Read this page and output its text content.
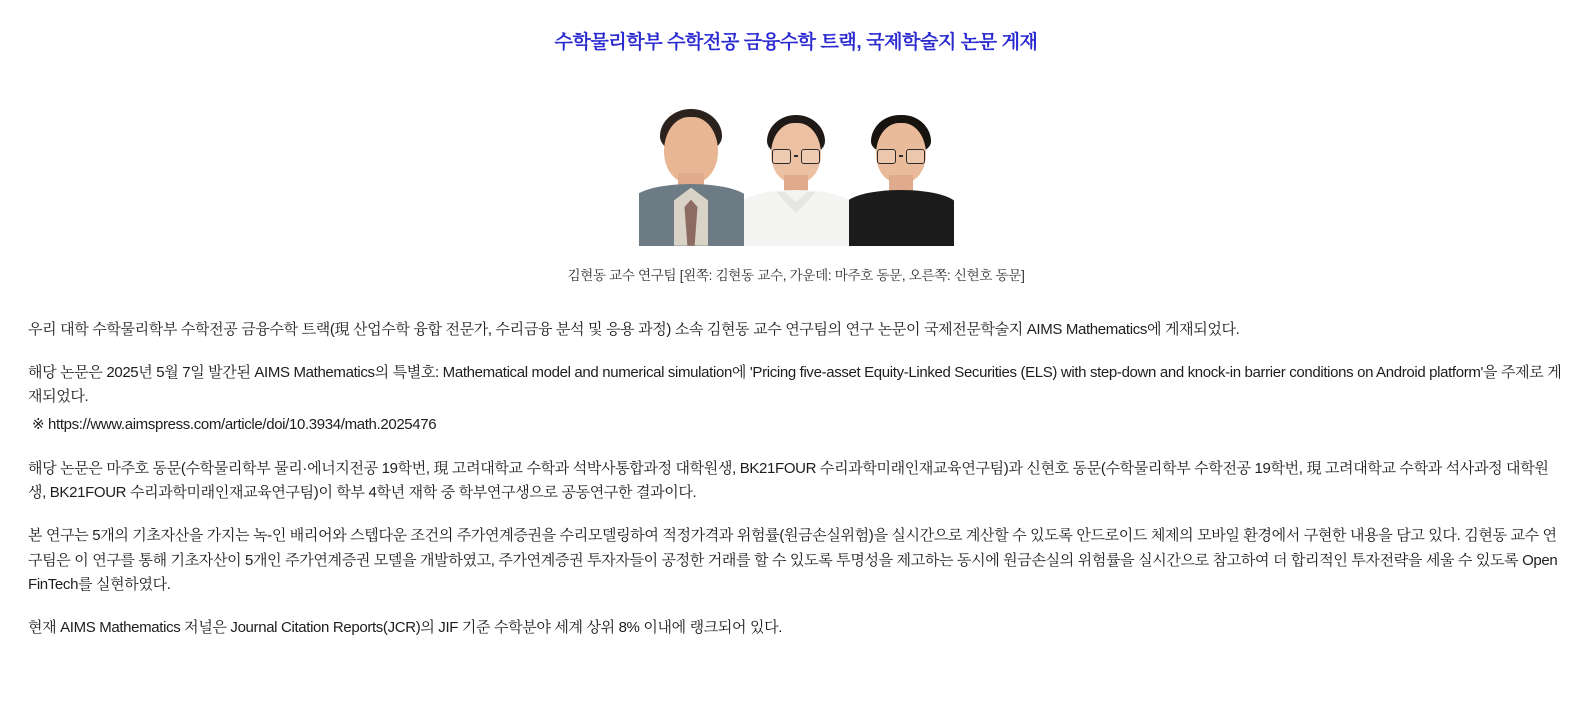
수학물리학부 수학전공 금융수학 트랙, 국제학술지 논문 게재
김현동 교수 연구팀 [왼쪽: 김현동 교수, 가운데: 마주호 동문, 오른쪽: 신현호 동문]

우리 대학 수학물리학부 수학전공 금융수학 트랙(現 산업수학 융합 전문가, 수리금융 분석 및 응용 과정) 소속 김현동 교수 연구팀의 연구 논문이 국제전문학술지 AIMS Mathematics에 게재되었다.

해당 논문은 2025년 5월 7일 발간된 AIMS Mathematics의 특별호: Mathematical model and numerical simulation에 'Pricing five-asset Equity-Linked Securities (ELS) with step-down and knock-in barrier conditions on Android platform'을 주제로 게재되었다.

※ https://www.aimspress.com/article/doi/10.3934/math.2025476

해당 논문은 마주호 동문(수학물리학부 물리·에너지전공 19학번, 現 고려대학교 수학과 석박사통합과정 대학원생, BK21FOUR 수리과학미래인재교육연구팀)과 신현호 동문(수학물리학부 수학전공 19학번, 現 고려대학교 수학과 석사과정 대학원생, BK21FOUR 수리과학미래인재교육연구팀)이 학부 4학년 재학 중 학부연구생으로 공동연구한 결과이다.

본 연구는 5개의 기초자산을 가지는 녹-인 배리어와 스텝다운 조건의 주가연계증권을 수리모델링하여 적정가격과 위험률(원금손실위험)을 실시간으로 계산할 수 있도록 안드로이드 체제의 모바일 환경에서 구현한 내용을 담고 있다. 김현동 교수 연구팀은 이 연구를 통해 기초자산이 5개인 주가연계증권 모델을 개발하였고, 주가연계증권 투자자들이 공정한 거래를 할 수 있도록 투명성을 제고하는 동시에 원금손실의 위험률을 실시간으로 참고하여 더 합리적인 투자전략을 세울 수 있도록 Open FinTech를 실현하였다.

현재 AIMS Mathematics 저널은 Journal Citation Reports(JCR)의 JIF 기준 수학분야 세계 상위 8% 이내에 랭크되어 있다.
